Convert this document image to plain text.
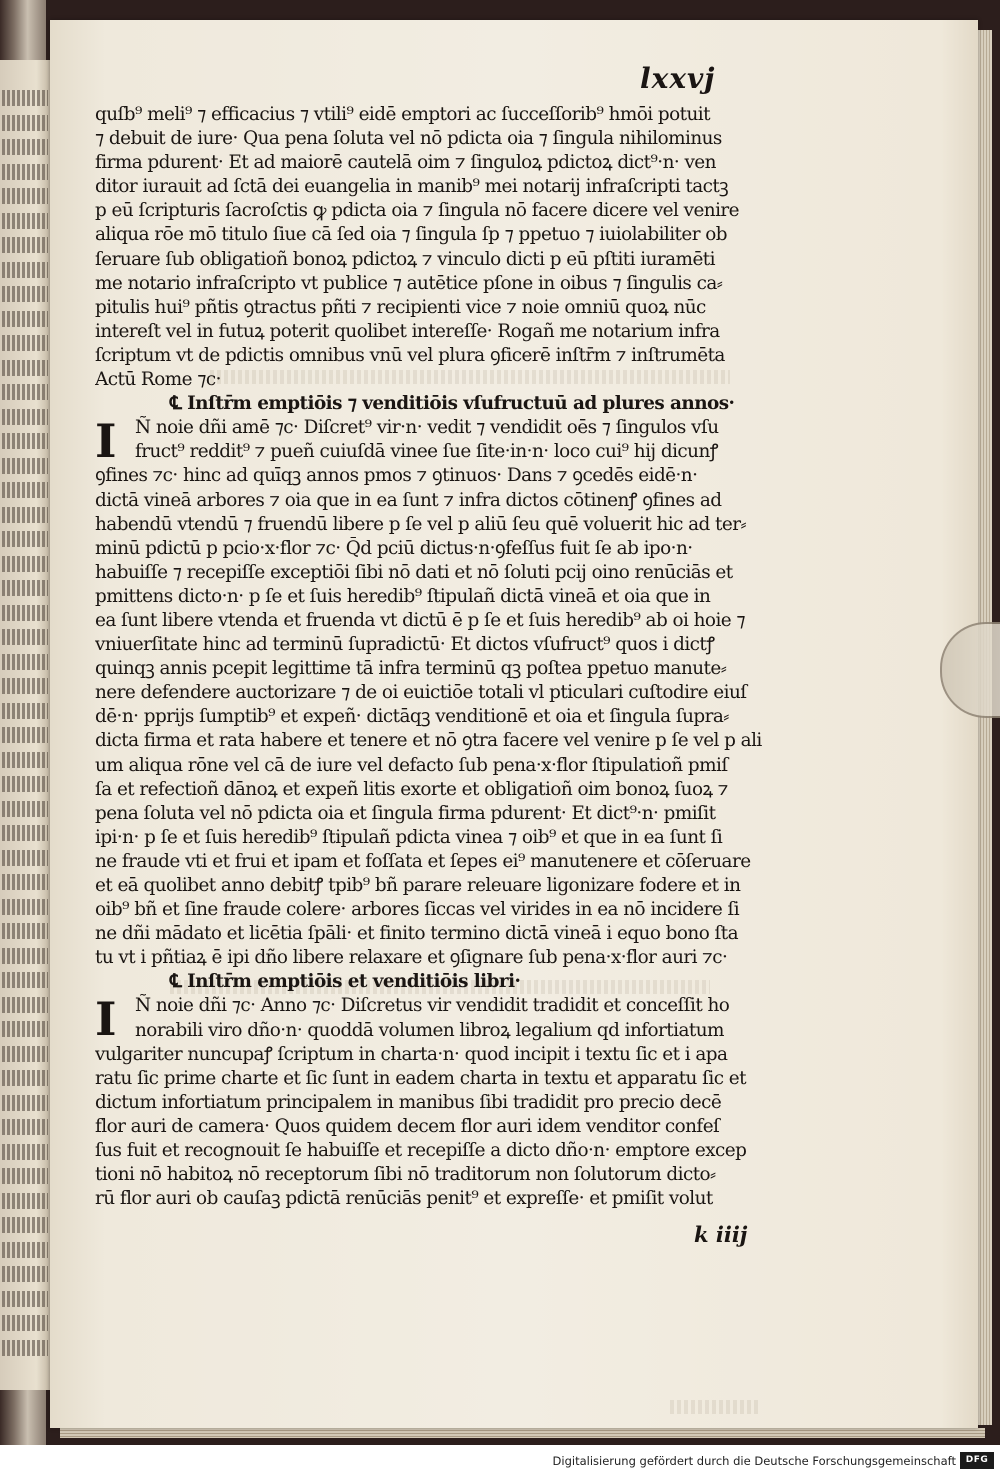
lxxvj
quſb⁹ meli⁹ ⁊ efficacius ⁊ vtili⁹ eidē emptori ac ſucceſſorib⁹ hmōi potuit
⁊ debuit de iure· Qua pena ſoluta vel nō pdicta oia ⁊ ſingula nihilominus
firma pdurent· Et ad maiorē cautelā oim ⁊ ſinguloꝝ pdictoꝝ dict⁹·n· ven
ditor iurauit ad ſctā dei euangelia in manib⁹ mei notarij infraſcripti tactꝫ
p eū ſcripturis ſacroſctis ꝙ pdicta oia ⁊ ſingula nō facere dicere vel venire
aliqua rōe mō titulo ſiue cā ſed oia ⁊ ſingula ſp ⁊ ppetuo ⁊ iuiolabiliter ob
ſeruare ſub obligatioñ bonoꝝ pdictoꝝ ⁊ vinculo dicti p eū pſtiti iuramēti
me notario infraſcripto vt publice ⁊ autētice pſone in oibus ⁊ ſingulis ca⸗
pitulis hui⁹ pñtis ꝯtractus pñti ⁊ recipienti vice ⁊ noie omniū quoꝝ nūc
intereſt vel in futuꝝ poterit quolibet intereſſe· Rogañ me notarium infra
ſcriptum vt de pdictis omnibus vnū vel plura ꝯficerē inſtr̄m ⁊ inſtrumēta
Actū Rome ⁊c·
℄ Inſtr̄m emptiōis ⁊ venditiōis vſufructuū ad plures annos·
I	Ñ noie dñi amē ⁊c· Diſcret⁹ vir·n· vedit ⁊ vendidit oēs ⁊ ſingulos vſu
fruct⁹ reddit⁹ ⁊ pueñ cuiuſdā vinee ſue ſite·in·n· loco cui⁹ hij dicunꝭ
ꝯfines ⁊c· hinc ad quīqꝫ annos pmos ⁊ ꝯtinuos· Dans ⁊ ꝯcedēs eidē·n·
dictā vineā arbores ⁊ oia que in ea ſunt ⁊ infra dictos cōtinenꝭ ꝯfines ad
habendū vtendū ⁊ fruendū libere p ſe vel p aliū ſeu quē voluerit hic ad ter⸗
minū pdictū p pcio·x·flor ⁊c· Q̄d pciū dictus·n·ꝯfeſſus fuit ſe ab ipo·n·
habuiſſe ⁊ recepiſſe exceptiōi ſibi nō dati et nō ſoluti pcij oino renūciās et
pmittens dicto·n· p ſe et ſuis heredib⁹ ſtipulañ dictā vineā et oia que in
ea ſunt libere vtenda et fruenda vt dictū ē p ſe et ſuis heredib⁹ ab oi hoie ⁊
vniuerſitate hinc ad terminū ſupradictū· Et dictos vſufruct⁹ quos i dictꝭ
quinqꝫ annis pcepit legittime tā infra terminū qꝫ poſtea ppetuo manute⸗
nere defendere auctorizare ⁊ de oi euictiōe totali vl pticulari cuſtodire eiuſ
dē·n· pprijs ſumptib⁹ et expeñ· dictāqꝫ venditionē et oia et ſingula ſupra⸗
dicta firma et rata habere et tenere et nō ꝯtra facere vel venire p ſe vel p ali
um aliqua rōne vel cā de iure vel defacto ſub pena·x·flor ſtipulatioñ pmiſ
ſa et refectioñ dānoꝝ et expeñ litis exorte et obligatioñ oim bonoꝝ ſuoꝝ ⁊
pena ſoluta vel nō pdicta oia et ſingula firma pdurent· Et dict⁹·n· pmiſit
ipi·n· p ſe et ſuis heredib⁹ ſtipulañ pdicta vinea ⁊ oib⁹ et que in ea ſunt ſi
ne fraude vti et frui et ipam et foſſata et ſepes ei⁹ manutenere et cōſeruare
et eā quolibet anno debitꝭ tpib⁹ bñ parare releuare ligonizare fodere et in
oib⁹ bñ et ſine fraude colere· arbores ſiccas vel virides in ea nō incidere ſi
ne dñi mādato et licētia ſpāli· et finito termino dictā vineā i equo bono ſta
tu vt i pñtiaꝝ ē ipi dño libere relaxare et ꝯſignare ſub pena·x·flor auri ⁊c·
℄ Inſtr̄m emptiōis et venditiōis libri·
I	Ñ noie dñi ⁊c· Anno ⁊c· Diſcretus vir vendidit tradidit et conceſſit ho
norabili viro dño·n· quoddā volumen libroꝝ legalium qd infortiatum
vulgariter nuncupaꝭ ſcriptum in charta·n· quod incipit i textu ſic et i apa
ratu ſic prime charte et ſic ſunt in eadem charta in textu et apparatu ſic et
dictum infortiatum principalem in manibus ſibi tradidit pro precio decē
flor auri de camera· Quos quidem decem flor auri idem venditor confeſ
ſus fuit et recognouit ſe habuiſſe et recepiſſe a dicto dño·n· emptore excep
tioni nō habitoꝝ nō receptorum ſibi nō traditorum non ſolutorum dicto⸗
rū flor auri ob cauſaꝫ pdictā renūciās penit⁹ et expreſſe· et pmiſit volut
k iiij
Digitalisierung gefördert durch die Deutsche Forschungsgemeinschaft	DFG
